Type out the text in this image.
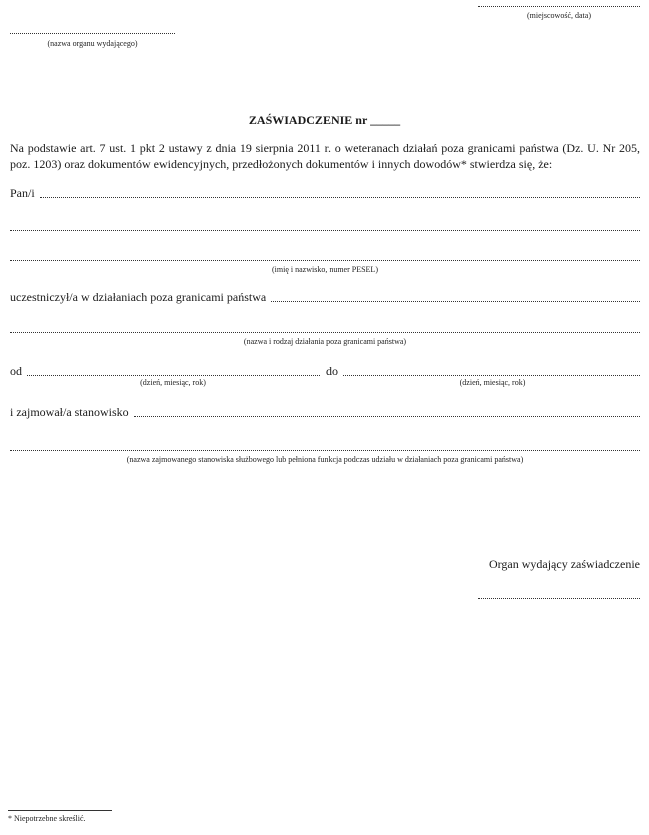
(miejscowość, data)
(nazwa organu wydającego)
ZAŚWIADCZENIE nr _____
Na podstawie art. 7 ust. 1 pkt 2 ustawy z dnia 19 sierpnia 2011 r. o weteranach działań poza granicami państwa (Dz. U. Nr 205, poz. 1203) oraz dokumentów ewidencyjnych, przedłożonych dokumentów i innych dowodów* stwierdza się, że:
Pan/i
(imię i nazwisko, numer PESEL)
uczestniczył/a w działaniach poza granicami państwa
(nazwa i rodzaj działania poza granicami państwa)
od	do
(dzień, miesiąc, rok)	(dzień, miesiąc, rok)
i zajmował/a stanowisko
(nazwa zajmowanego stanowiska służbowego lub pełniona funkcja podczas udziału w działaniach poza granicami państwa)
Organ wydający zaświadczenie
* Niepotrzebne skreślić.
